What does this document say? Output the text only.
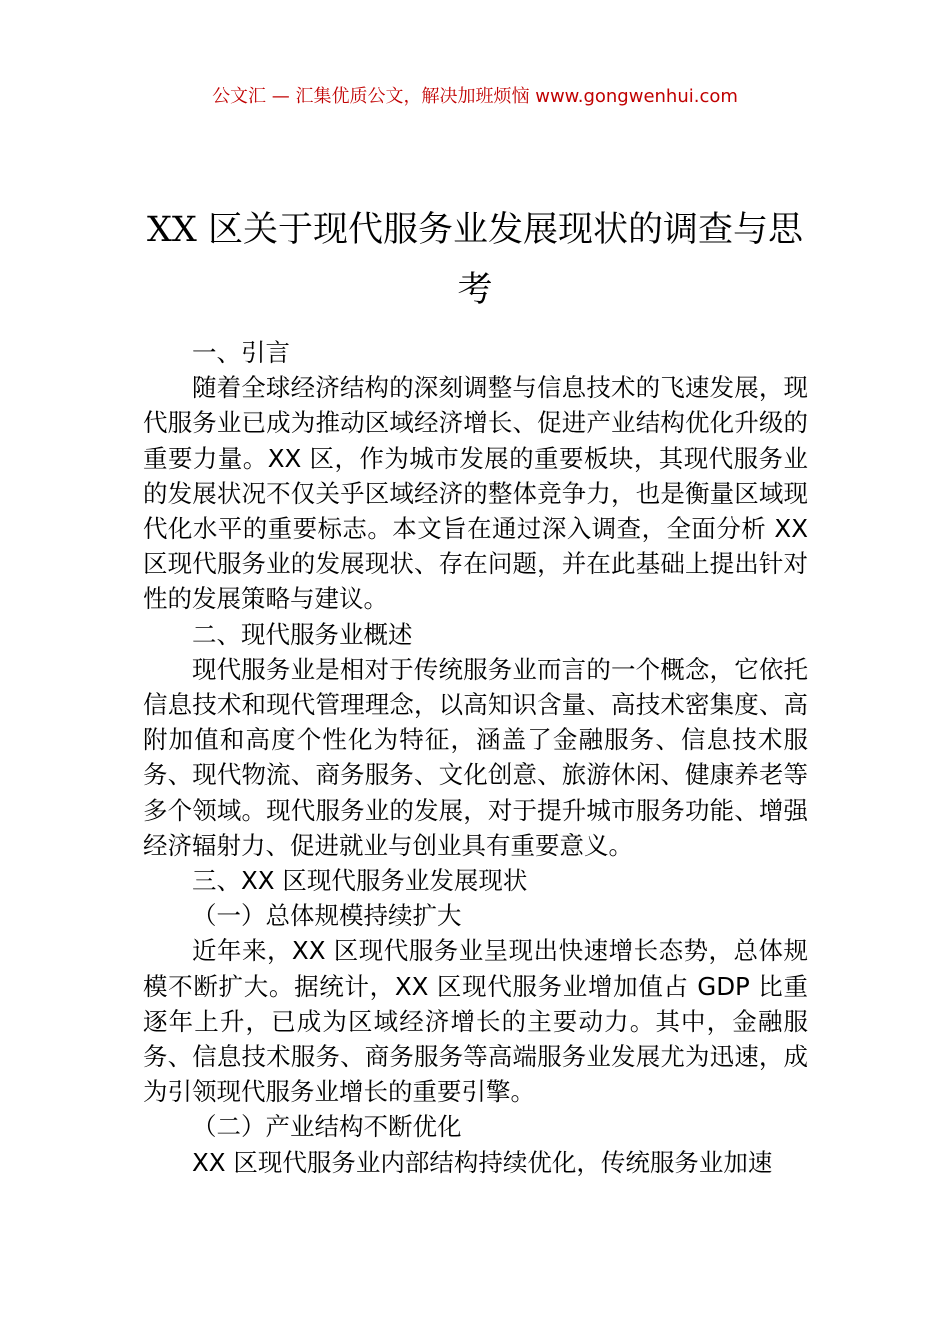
公文汇 — 汇集优质公文，解决加班烦恼 www.gongwenhui.com
XX 区关于现代服务业发展现状的调查与思考

一、引言

随着全球经济结构的深刻调整与信息技术的飞速发展，现代服务业已成为推动区域经济增长、促进产业结构优化升级的重要力量。XX 区，作为城市发展的重要板块，其现代服务业的发展状况不仅关乎区域经济的整体竞争力，也是衡量区域现代化水平的重要标志。本文旨在通过深入调查，全面分析 XX 区现代服务业的发展现状、存在问题，并在此基础上提出针对性的发展策略与建议。

二、现代服务业概述

现代服务业是相对于传统服务业而言的一个概念，它依托信息技术和现代管理理念，以高知识含量、高技术密集度、高附加值和高度个性化为特征，涵盖了金融服务、信息技术服务、现代物流、商务服务、文化创意、旅游休闲、健康养老等多个领域。现代服务业的发展，对于提升城市服务功能、增强经济辐射力、促进就业与创业具有重要意义。

三、XX 区现代服务业发展现状

（一）总体规模持续扩大

近年来，XX 区现代服务业呈现出快速增长态势，总体规模不断扩大。据统计，XX 区现代服务业增加值占 GDP 比重逐年上升，已成为区域经济增长的主要动力。其中，金融服务、信息技术服务、商务服务等高端服务业发展尤为迅速，成为引领现代服务业增长的重要引擎。

（二）产业结构不断优化

XX 区现代服务业内部结构持续优化，传统服务业加速
